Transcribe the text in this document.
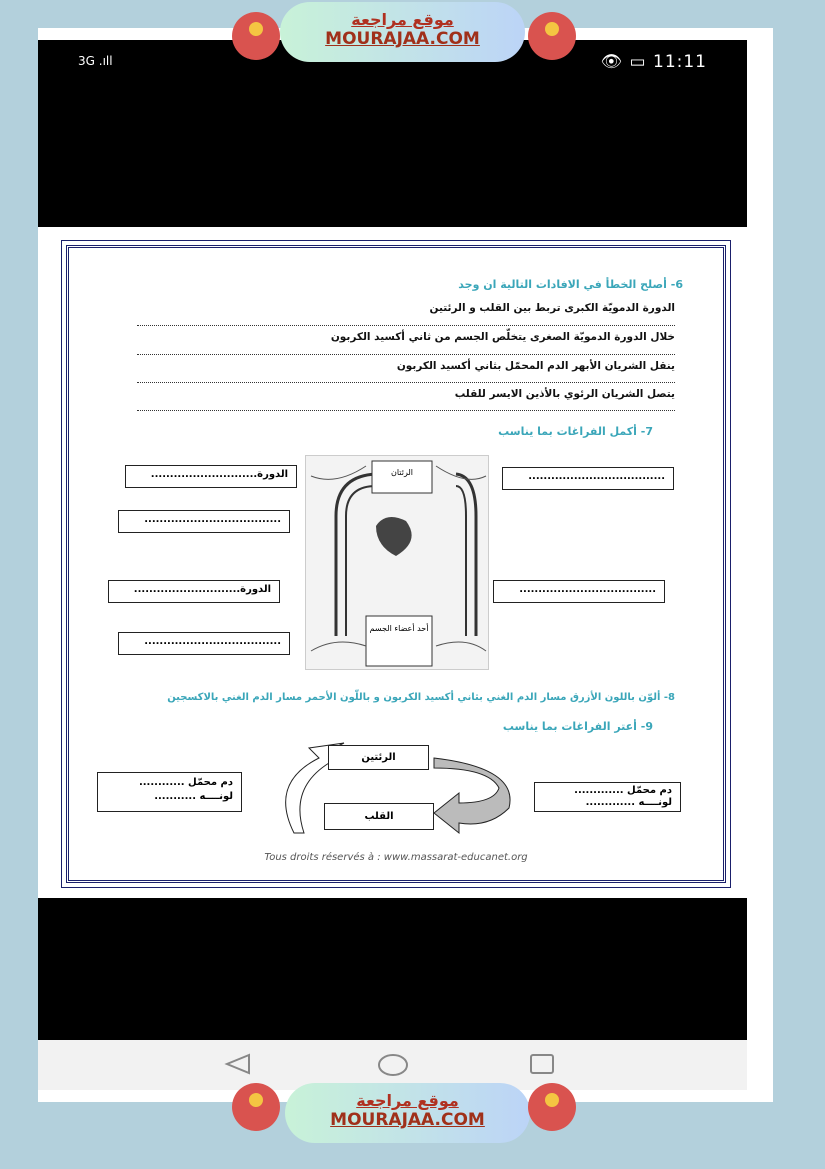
3G .ıll	👁 ▭ 11:11
6- أصلح الخطأ في الافادات التالية ان وجد
الدورة الدمويّة الكبرى تربط بين القلب و الرئتين
خلال الدورة الدمويّة الصغرى يتخلّص الجسم من ثاني أكسيد الكربون
ينقل الشريان الأبهر الدم المحمّل بثاني أكسيد الكربون
يتصل الشريان الرئوي بالأذين الايسر للقلب
7- أكمل الفراغات بما يناسب
الرئتان
أحد أعضاء الجسم
الدورة............................
....................................
الدورة............................
....................................
....................................
....................................
8- ألوّن باللون الأزرق مسار الدم الغني بثاني أكسيد الكربون و باللّون الأحمر مسار الدم الغني بالاكسجين
9- أعتر الفراغات بما يناسب
الرئتين
القلب
دم محمّل ............
لونــــه ...........
دم محمّل .............
لونــــه .............
Tous droits réservés à : www.massarat-educanet.org
موقع مراجعة
MOURAJAA.COM
موقع مراجعة
MOURAJAA.COM
